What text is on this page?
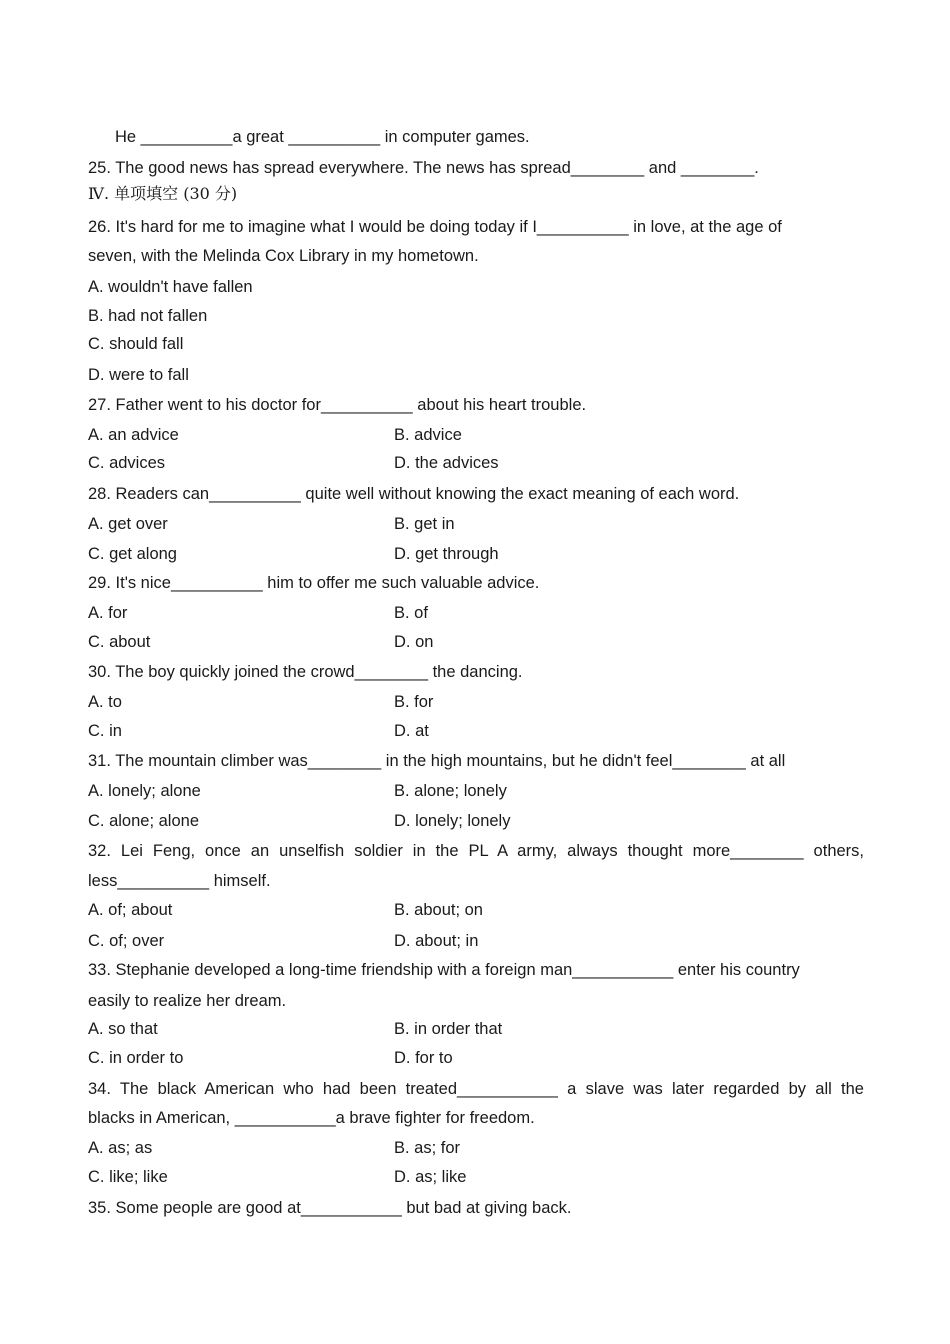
He __________a great __________ in computer games.
25. The good news has spread everywhere. The news has spread________ and ________.
Ⅳ. 单项填空 (30 分)
26. It's hard for me to imagine what I would be doing today if I__________ in love, at the age of
seven, with the Melinda Cox Library in my hometown.
A. wouldn't have fallen
B. had not fallen
C. should fall
D. were to fall
27. Father went to his doctor for__________ about his heart trouble.
A. an advice	B. advice
C. advices	D. the advices
28. Readers can__________ quite well without knowing the exact meaning of each word.
A. get over	B. get in
C. get along	D. get through
29. It's nice__________ him to offer me such valuable advice.
A. for	B. of
C. about	D. on
30. The boy quickly joined the crowd________ the dancing.
A. to	B. for
C. in	D. at
31. The mountain climber was________ in the high mountains, but he didn't feel________ at all
A. lonely; alone	B. alone; lonely
C. alone; alone	D. lonely; lonely
32. Lei Feng, once an unselfish soldier in the PL A army, always thought more________ others,
less__________ himself.
A. of; about	B. about; on
C. of; over	D. about; in
33. Stephanie developed a long-time friendship with a foreign man___________ enter his country
easily to realize her dream.
A. so that	B. in order that
C. in order to	D. for to
34. The black American who had been treated___________ a slave was later regarded by all the
blacks in American, ___________a brave fighter for freedom.
A. as; as	B. as; for
C. like; like	D. as; like
35. Some people are good at___________ but bad at giving back.
